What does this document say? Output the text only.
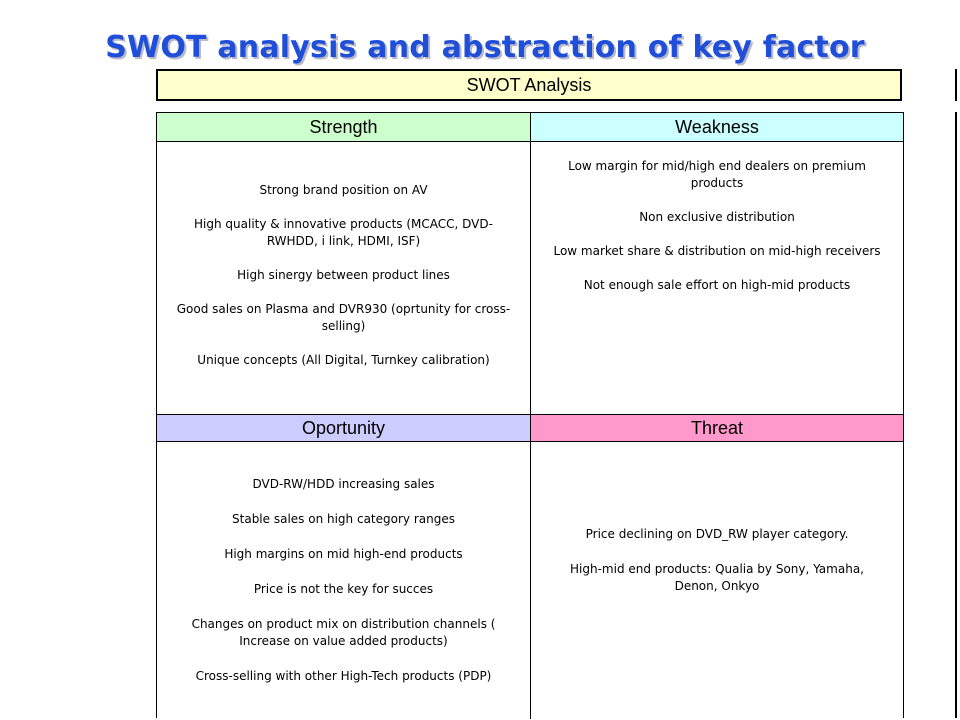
SWOT analysis and abstraction of key factor
SWOT Analysis
Strength

Strong brand position on AV

High quality & innovative products (MCACC, DVD-RWHDD, i link, HDMI, ISF)

High sinergy between product lines

Good sales on Plasma and DVR930 (oprtunity for cross-selling)

Unique concepts (All Digital, Turnkey calibration)

Weakness

Low margin for mid/high end dealers on premium products

Non exclusive distribution

Low market share & distribution on mid-high receivers

Not enough sale effort on high-mid products

Oportunity

DVD-RW/HDD increasing sales

Stable sales on high category ranges

High margins on mid high-end products

Price is not the key for succes

Changes on product mix on distribution channels ( Increase on value added products)

Cross-selling with other High-Tech products (PDP)

Threat

Price declining on DVD_RW player category.

High-mid end products: Qualia by Sony, Yamaha, Denon, Onkyo
